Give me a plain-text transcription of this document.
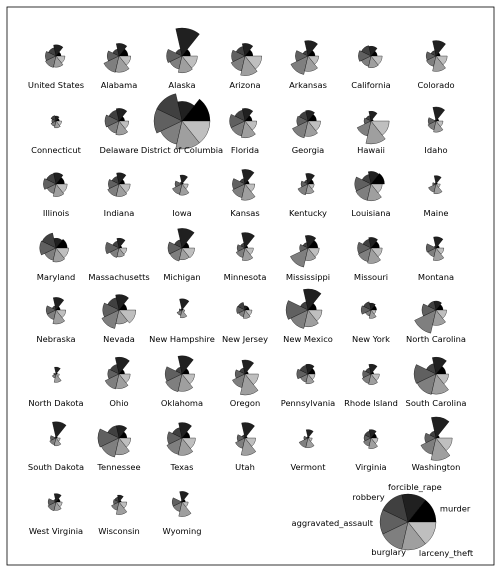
United States Alabama	Alaska	Arizona	Arkansas	California	Colorado
Connecticut Delaware District of Columbia Florida	Georgia	Hawaii	Idaho
Illinois	Indiana	Iowa	Kansas	Kentucky	Louisiana	Maine
Maryland Massachusetts Michigan	Minnesota Mississippi	Missouri	Montana
Nebraska	Nevada New Hampshire New Jersey New Mexico New York North Carolina
North Dakota	Ohio	Oklahoma	Oregon Pennsylvania Rhode Island South Carolina
South Dakota Tennessee	Texas	Utah	Vermont	Virginia	Washington
West Virginia Wisconsin	Wyoming
murder
forcible_rape
robbery
aggravated_assault
burglary larceny_theft
